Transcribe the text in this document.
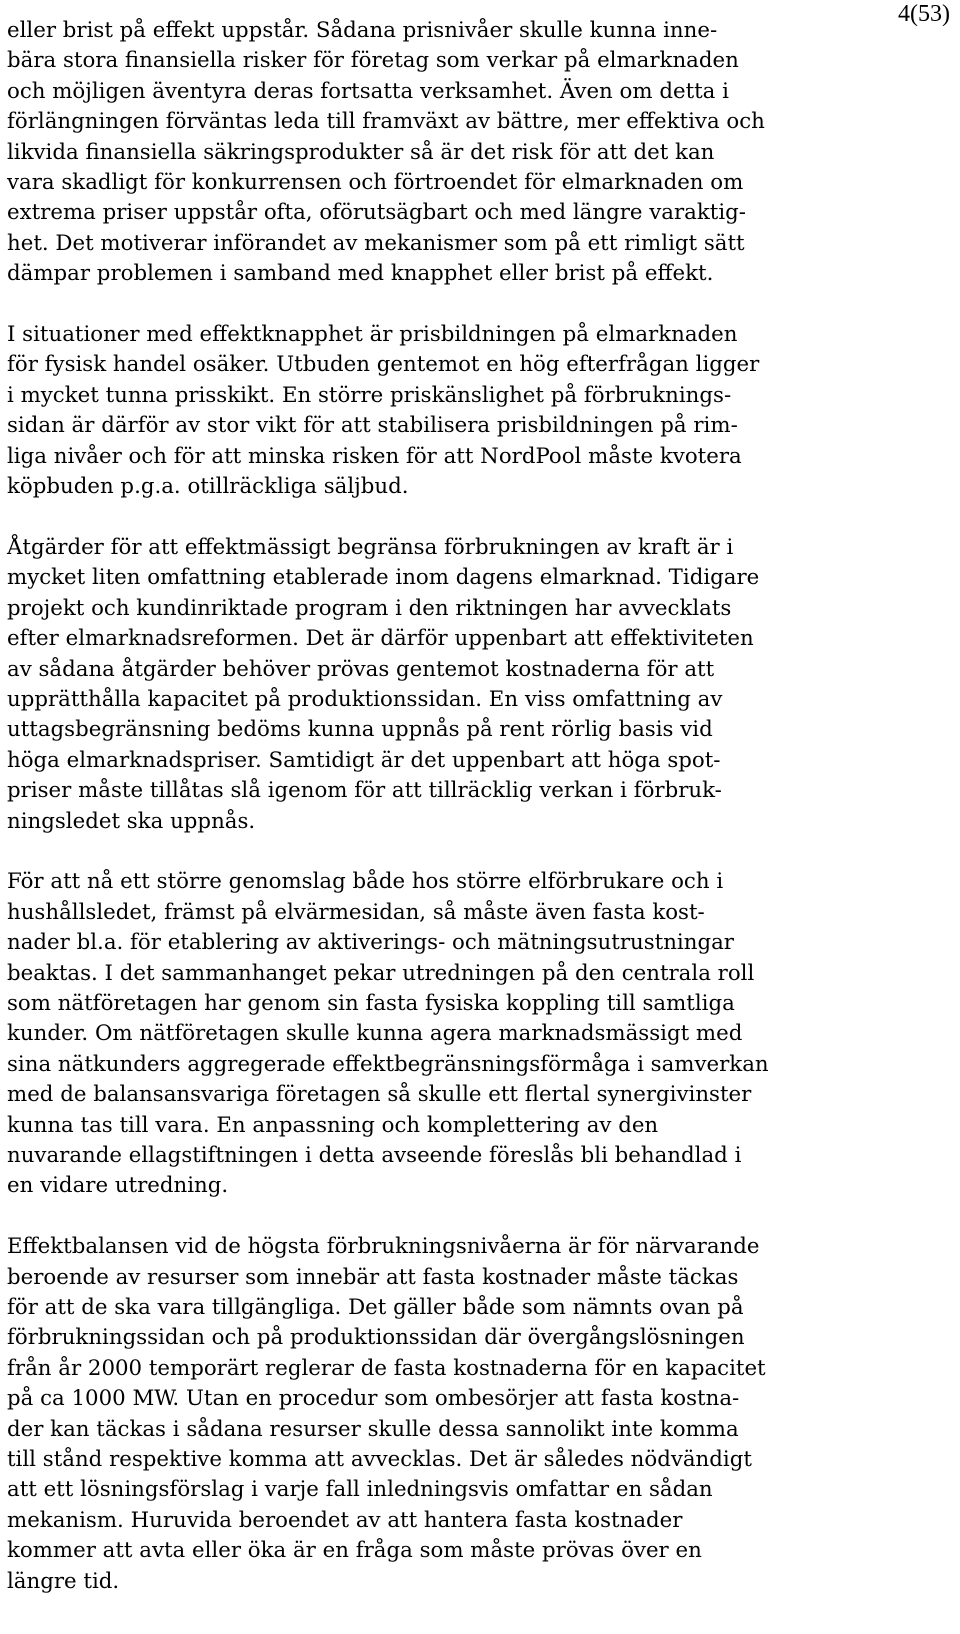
4(53)

eller brist på effekt uppstår. Sådana prisnivåer skulle kunna inne-
bära stora finansiella risker för företag som verkar på elmarknaden
och möjligen äventyra deras fortsatta verksamhet. Även om detta i
förlängningen förväntas leda till framväxt av bättre, mer effektiva och
likvida finansiella säkringsprodukter så är det risk för att det kan
vara skadligt för konkurrensen och förtroendet för elmarknaden om
extrema priser uppstår ofta, oförutsägbart och med längre varaktig-
het. Det motiverar införandet av mekanismer som på ett rimligt sätt
dämpar problemen i samband med knapphet eller brist på effekt.

I situationer med effektknapphet är prisbildningen på elmarknaden
för fysisk handel osäker. Utbuden gentemot en hög efterfrågan ligger
i mycket tunna prisskikt. En större priskänslighet på förbruknings-
sidan är därför av stor vikt för att stabilisera prisbildningen på rim-
liga nivåer och för att minska risken för att NordPool måste kvotera
köpbuden p.g.a. otillräckliga säljbud.

Åtgärder för att effektmässigt begränsa förbrukningen av kraft är i
mycket liten omfattning etablerade inom dagens elmarknad. Tidigare
projekt och kundinriktade program i den riktningen har avvecklats
efter elmarknadsreformen. Det är därför uppenbart att effektiviteten
av sådana åtgärder behöver prövas gentemot kostnaderna för att
upprätthålla kapacitet på produktionssidan. En viss omfattning av
uttagsbegränsning bedöms kunna uppnås på rent rörlig basis vid
höga elmarknadspriser. Samtidigt är det uppenbart att höga spot-
priser måste tillåtas slå igenom för att tillräcklig verkan i förbruk-
ningsledet ska uppnås.

För att nå ett större genomslag både hos större elförbrukare och i
hushållsledet, främst på elvärmesidan, så måste även fasta kost-
nader bl.a. för etablering av aktiverings- och mätningsutrustningar
beaktas. I det sammanhanget pekar utredningen på den centrala roll
som nätföretagen har genom sin fasta fysiska koppling till samtliga
kunder. Om nätföretagen skulle kunna agera marknadsmässigt med
sina nätkunders aggregerade effektbegränsningsförmåga i samverkan
med de balansansvariga företagen så skulle ett flertal synergivinster
kunna tas till vara. En anpassning och komplettering av den
nuvarande ellagstiftningen i detta avseende föreslås bli behandlad i
en vidare utredning.

Effektbalansen vid de högsta förbrukningsnivåerna är för närvarande
beroende av resurser som innebär att fasta kostnader måste täckas
för att de ska vara tillgängliga. Det gäller både som nämnts ovan på
förbrukningssidan och på produktionssidan där övergångslösningen
från år 2000 temporärt reglerar de fasta kostnaderna för en kapacitet
på ca 1000 MW. Utan en procedur som ombesörjer att fasta kostna-
der kan täckas i sådana resurser skulle dessa sannolikt inte komma
till stånd respektive komma att avvecklas. Det är således nödvändigt
att ett lösningsförslag i varje fall inledningsvis omfattar en sådan
mekanism. Huruvida beroendet av att hantera fasta kostnader
kommer att avta eller öka är en fråga som måste prövas över en
längre tid.
